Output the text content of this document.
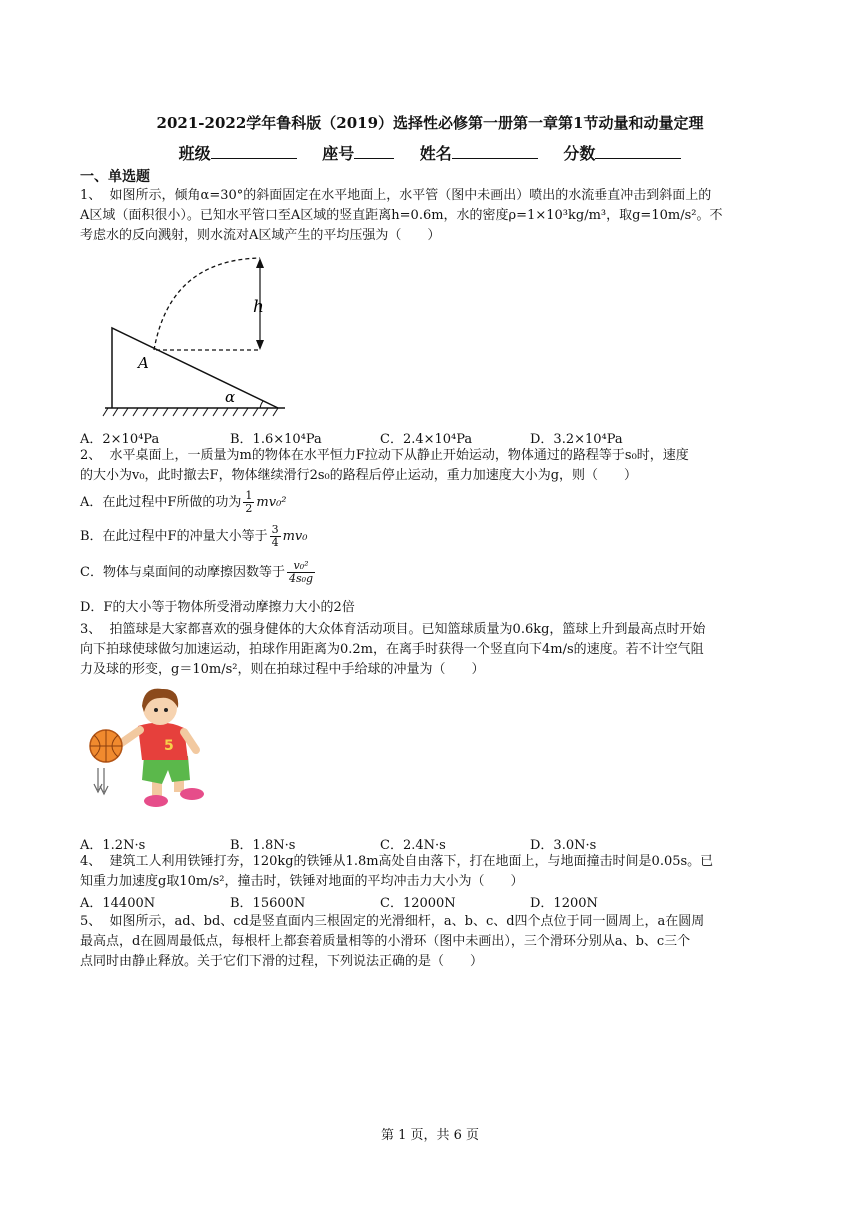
2021-2022学年鲁科版（2019）选择性必修第一册第一章第1节动量和动量定理
班级	座号	姓名	分数
一、单选题
1、 如图所示，倾角α=30°的斜面固定在水平地面上，水平管（图中未画出）喷出的水流垂直冲击到斜面上的
A区域（面积很小）。已知水平管口至A区域的竖直距离h=0.6m，水的密度ρ=1×10³kg/m³，取g=10m/s²。不
考虑水的反向溅射，则水流对A区域产生的平均压强为（　　）
h
A
α
A．2×10⁴Pa	B．1.6×10⁴Pa	C．2.4×10⁴Pa	D．3.2×10⁴Pa
2、 水平桌面上，一质量为m的物体在水平恒力F拉动下从静止开始运动，物体通过的路程等于s₀时，速度
的大小为v₀，此时撤去F，物体继续滑行2s₀的路程后停止运动，重力加速度大小为g，则（　　）
A．在此过程中F所做的功为 $\frac{1}{2} mv_0^2$
B．在此过程中F的冲量大小等于 $\frac{3}{4} mv_0$
C．物体与桌面间的动摩擦因数等于 $\frac{\text{v₀²}}{\text{4s₀g}}$
D．F的大小等于物体所受滑动摩擦力大小的2倍
3、 拍篮球是大家都喜欢的强身健体的大众体育活动项目。已知篮球质量为0.6kg，篮球上升到最高点时开始
向下拍球使球做匀加速运动，拍球作用距离为0.2m，在离手时获得一个竖直向下4m/s的速度。若不计空气阻
力及球的形变，g＝10m/s²，则在拍球过程中手给球的冲量为（　　）
5
A．1.2N·s	B．1.8N·s	C．2.4N·s	D．3.0N·s
4、 建筑工人利用铁锤打夯，120kg的铁锤从1.8m高处自由落下，打在地面上，与地面撞击时间是0.05s。已
知重力加速度g取10m/s²，撞击时，铁锤对地面的平均冲击力大小为（　　）
A．14400N	B．15600N	C．12000N	D．1200N
5、 如图所示，ad、bd、cd是竖直面内三根固定的光滑细杆，a、b、c、d四个点位于同一圆周上，a在圆周
最高点，d在圆周最低点，每根杆上都套着质量相等的小滑环（图中未画出），三个滑环分别从a、b、c三个
点同时由静止释放。关于它们下滑的过程，下列说法正确的是（　　）
第 1 页，共 6 页
